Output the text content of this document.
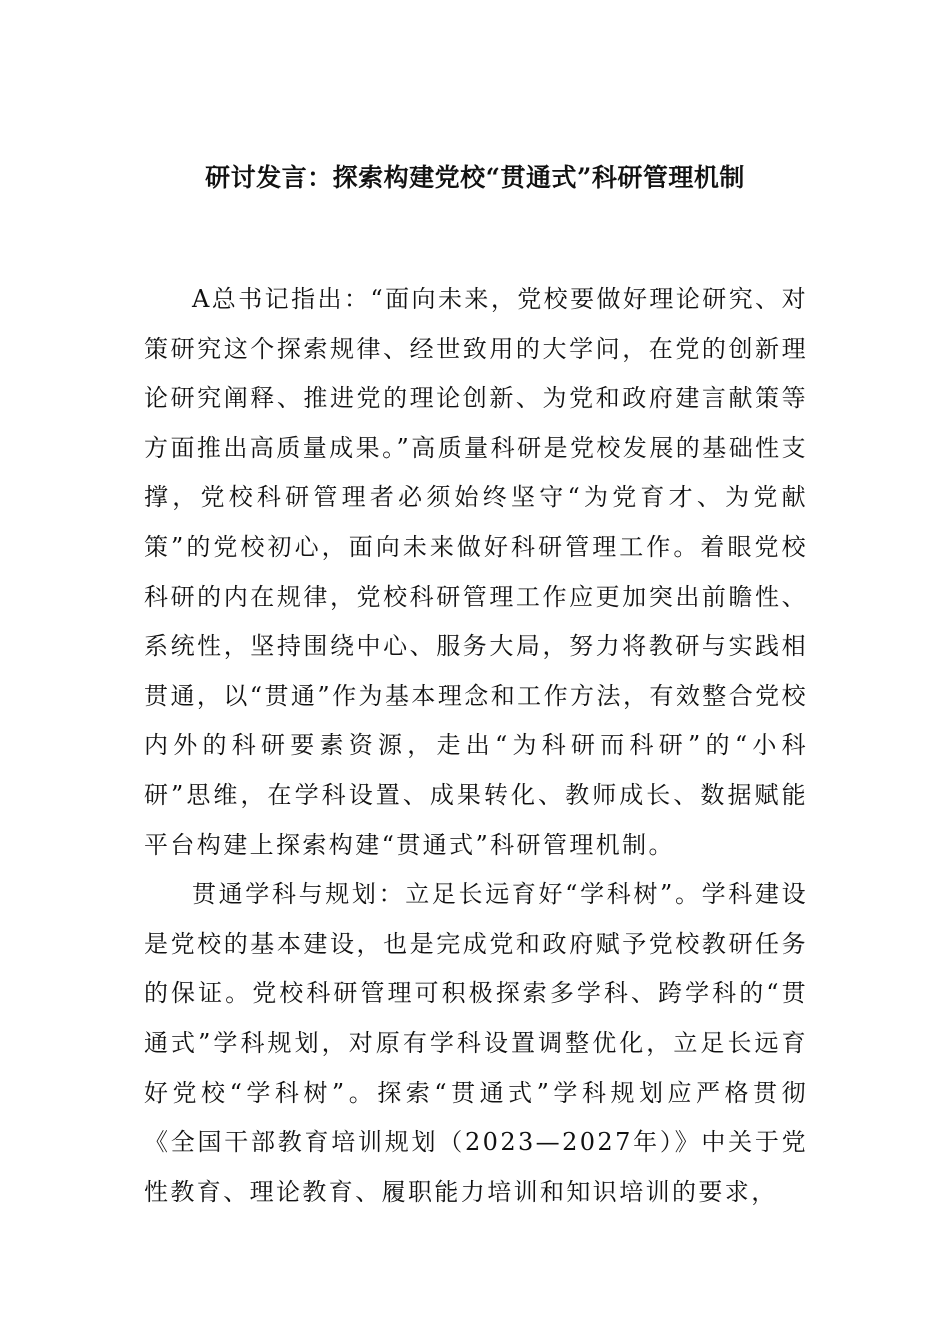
研讨发言：探索构建党校“贯通式”科研管理机制

A总书记指出：“面向未来，党校要做好理论研究、对策研究这个探索规律、经世致用的大学问，在党的创新理论研究阐释、推进党的理论创新、为党和政府建言献策等方面推出高质量成果。”高质量科研是党校发展的基础性支撑，党校科研管理者必须始终坚守“为党育才、为党献策”的党校初心，面向未来做好科研管理工作。着眼党校科研的内在规律，党校科研管理工作应更加突出前瞻性、系统性，坚持围绕中心、服务大局，努力将教研与实践相贯通，以“贯通”作为基本理念和工作方法，有效整合党校内外的科研要素资源，走出“为科研而科研”的“小科研”思维，在学科设置、成果转化、教师成长、数据赋能平台构建上探索构建“贯通式”科研管理机制。

贯通学科与规划：立足长远育好“学科树”。学科建设是党校的基本建设，也是完成党和政府赋予党校教研任务的保证。党校科研管理可积极探索多学科、跨学科的“贯通式”学科规划，对原有学科设置调整优化，立足长远育好党校“学科树”。探索“贯通式”学科规划应严格贯彻《全国干部教育培训规划（2023—2027年）》中关于党性教育、理论教育、履职能力培训和知识培训的要求，
